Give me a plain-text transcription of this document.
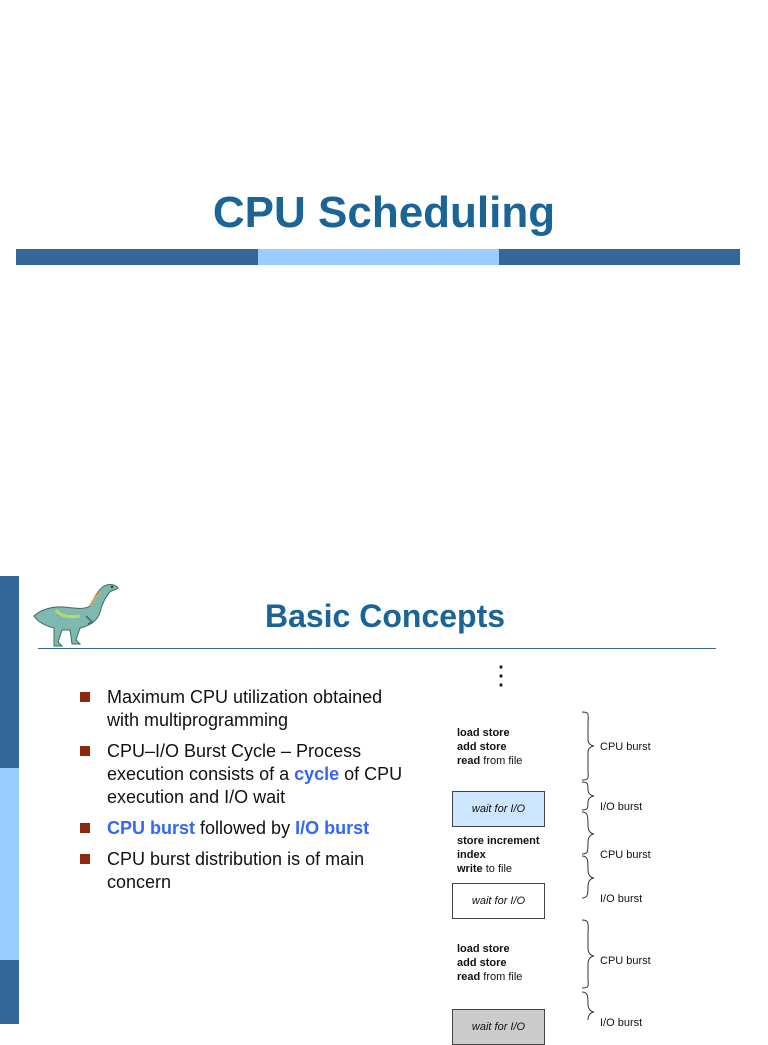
CPU Scheduling
Basic Concepts
Maximum CPU utilization obtained with multiprogramming
CPU–I/O Burst Cycle – Process execution consists of a cycle of CPU execution and I/O wait
CPU burst followed by I/O burst
CPU burst distribution is of main concern
⋮
load store
add store
read from file
CPU burst
wait for I/O	I/O burst
store increment
index
write to file
CPU burst
wait for I/O	I/O burst
load store
add store
read from file
CPU burst
wait for I/O	I/O burst
